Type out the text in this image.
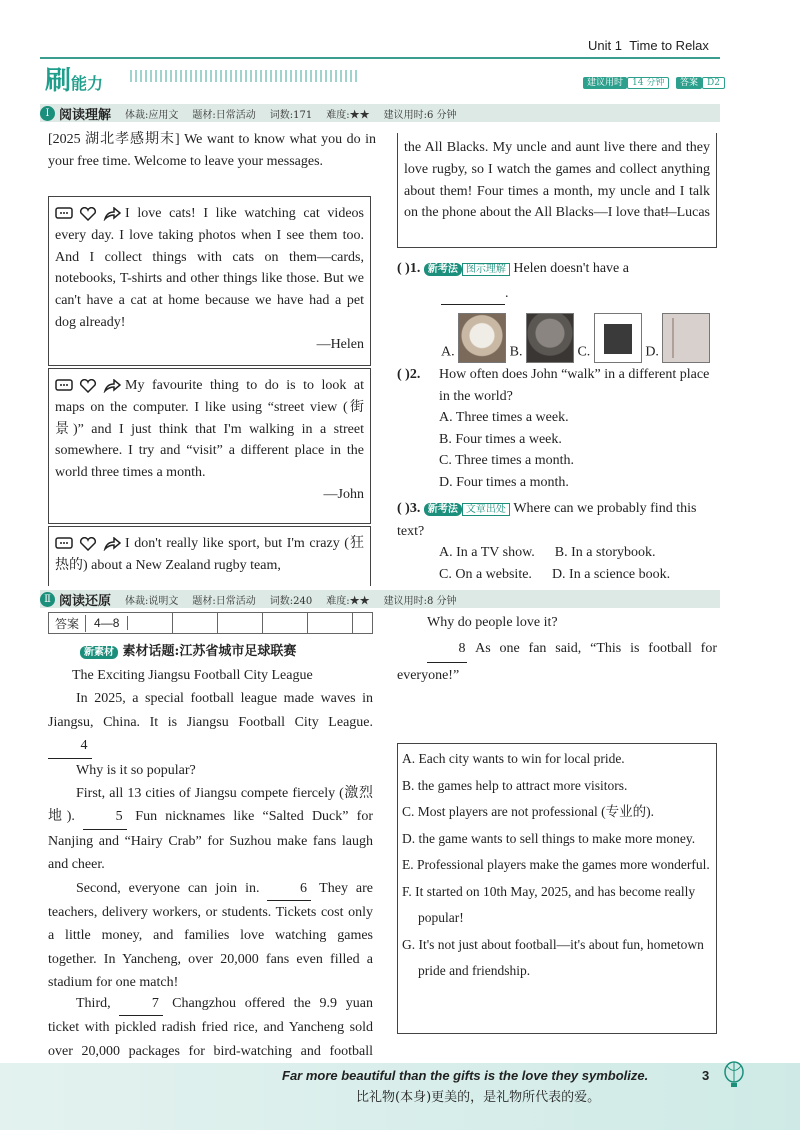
Unit 1 Time to Relax
刷能力	建议用时 14 分钟	答案 D2
Ⅰ 阅读理解 体裁:应用文 题材:日常活动 词数:171 难度:★★ 建议用时:6 分钟
[2025 湖北孝感期末] We want to know what you do in your free time. Welcome to leave your messages.
I love cats! I like watching cat videos every day. I love taking photos when I see them too. And I collect things with cats on them—cards, notebooks, T-shirts and other things like those. But we can't have a cat at home because we have had a pet dog already!
—Helen
My favourite thing to do is to look at maps on the computer. I like using “street view (街景)” and I just think that I'm walking in a street somewhere. I try and “visit” a different place in the world three times a month.
—John
I don't really like sport, but I'm crazy (狂热的) about a New Zealand rugby team,
the All Blacks. My uncle and aunt live there and they love rugby, so I watch the games and collect anything about them! Four times a month, my uncle and I talk on the phone about the All Blacks—I love that!
—Lucas
( )1. 新考法 图示理解 Helen doesn't have a
.
A.	B.	C.	D.
( )2.	How often does John “walk” in a different place in the world?
A. Three times a week.
B. Four times a week.
C. Three times a month.
D. Four times a month.
( )3. 新考法 文章出处 Where can we probably find this text?
A. In a TV show. B. In a storybook.
C. On a website. D. In a science book.
Ⅱ 阅读还原 体裁:说明文 题材:日常活动 词数:240 难度:★★ 建议用时:8 分钟
答案	4—8
新素材 素材话题:江苏省城市足球联赛
The Exciting Jiangsu Football City League
In 2025, a special football league made waves in Jiangsu, China. It is Jiangsu Football City League. 4
Why is it so popular?
First, all 13 cities of Jiangsu compete fiercely (激烈地).	5 Fun nicknames like “Salted Duck” for Nanjing and “Hairy Crab” for Suzhou make fans laugh and cheer.
Second, everyone can join in.	6 They are teachers, delivery workers, or students. Tickets cost only a little money, and families love watching games together. In Yancheng, over 20,000 fans even filled a stadium for one match!
Why do people love it?
8 As one fan said, “This is football for everyone!”
Third,	7 Changzhou offered the 9.9 yuan ticket with pickled radish fried rice, and Yancheng sold over 20,000 packages for bird-watching and football
A. Each city wants to win for local pride.
B. the games help to attract more visitors.
C. Most players are not professional (专业的).
D. the game wants to sell things to make more money.
E. Professional players make the games more wonderful.
F. It started on 10th May, 2025, and has become really popular!
G. It's not just about football—it's about fun, hometown pride and friendship.
Far more beautiful than the gifts is the love they symbolize.
比礼物(本身)更美的，是礼物所代表的爱。
3
